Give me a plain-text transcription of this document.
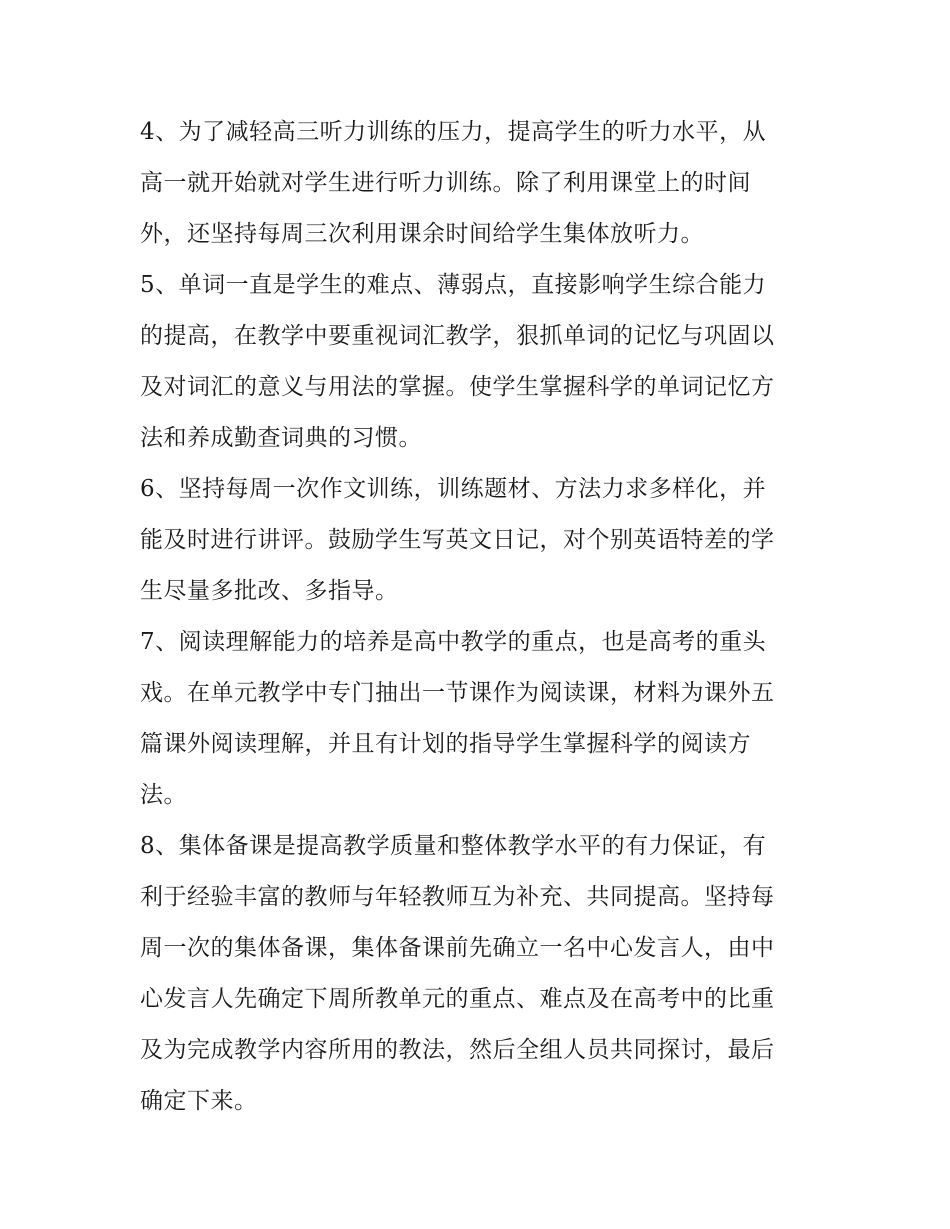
4、为了减轻高三听力训练的压力，提高学生的听力水平，从
高一就开始就对学生进行听力训练。除了利用课堂上的时间
外，还坚持每周三次利用课余时间给学生集体放听力。
5、单词一直是学生的难点、薄弱点，直接影响学生综合能力
的提高，在教学中要重视词汇教学，狠抓单词的记忆与巩固以
及对词汇的意义与用法的掌握。使学生掌握科学的单词记忆方
法和养成勤查词典的习惯。
6、坚持每周一次作文训练，训练题材、方法力求多样化，并
能及时进行讲评。鼓励学生写英文日记，对个别英语特差的学
生尽量多批改、多指导。
7、阅读理解能力的培养是高中教学的重点，也是高考的重头
戏。在单元教学中专门抽出一节课作为阅读课，材料为课外五
篇课外阅读理解，并且有计划的指导学生掌握科学的阅读方
法。
8、集体备课是提高教学质量和整体教学水平的有力保证，有
利于经验丰富的教师与年轻教师互为补充、共同提高。坚持每
周一次的集体备课，集体备课前先确立一名中心发言人，由中
心发言人先确定下周所教单元的重点、难点及在高考中的比重
及为完成教学内容所用的教法，然后全组人员共同探讨，最后
确定下来。
